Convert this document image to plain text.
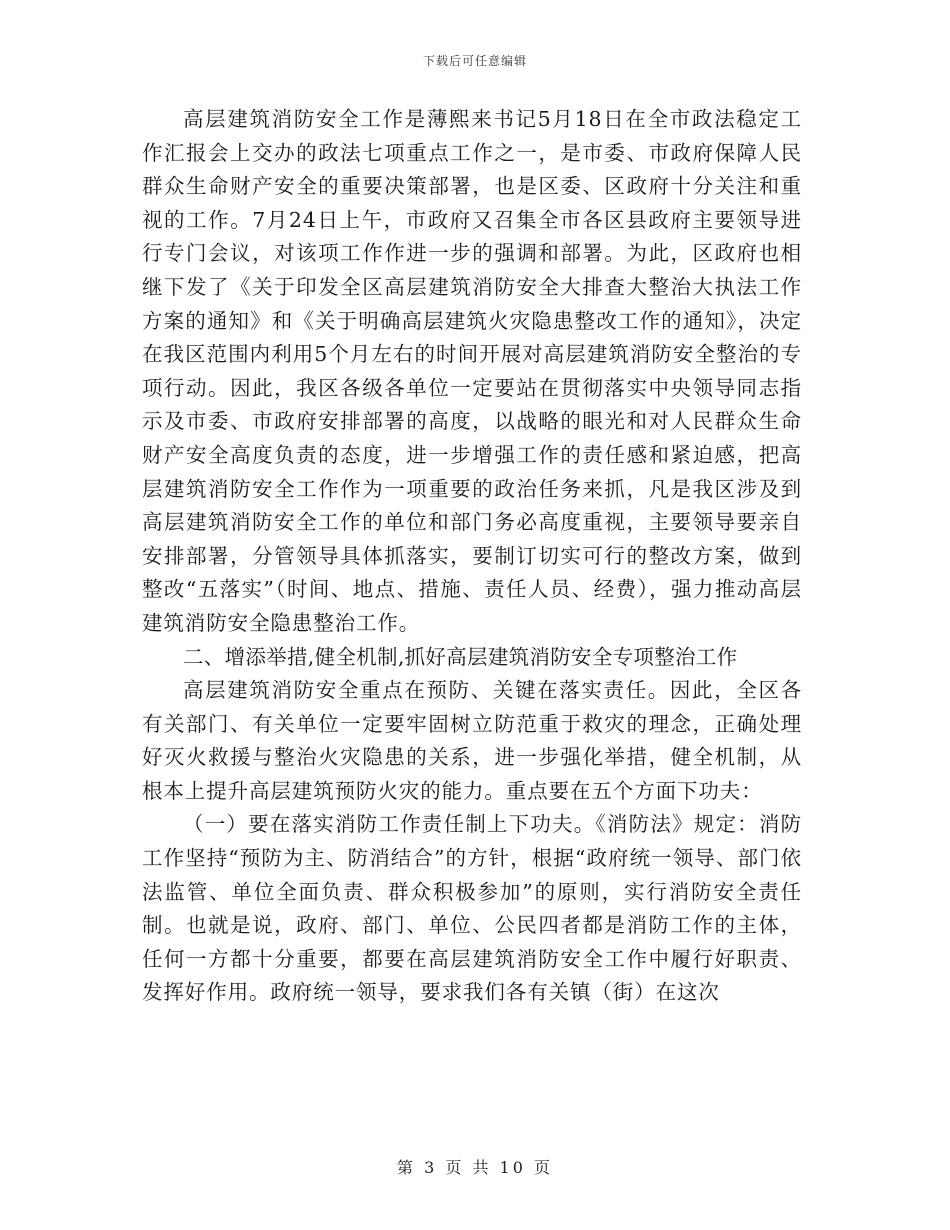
下载后可任意编辑

高层建筑消防安全工作是薄熙来书记5月18日在全市政法稳定工作汇报会上交办的政法七项重点工作之一，是市委、市政府保障人民群众生命财产安全的重要决策部署，也是区委、区政府十分关注和重视的工作。7月24日上午，市政府又召集全市各区县政府主要领导进行专门会议，对该项工作作进一步的强调和部署。为此，区政府也相继下发了《关于印发全区高层建筑消防安全大排查大整治大执法工作方案的通知》和《关于明确高层建筑火灾隐患整改工作的通知》，决定在我区范围内利用5个月左右的时间开展对高层建筑消防安全整治的专项行动。因此，我区各级各单位一定要站在贯彻落实中央领导同志指示及市委、市政府安排部署的高度，以战略的眼光和对人民群众生命财产安全高度负责的态度，进一步增强工作的责任感和紧迫感，把高层建筑消防安全工作作为一项重要的政治任务来抓，凡是我区涉及到高层建筑消防安全工作的单位和部门务必高度重视，主要领导要亲自安排部署，分管领导具体抓落实，要制订切实可行的整改方案，做到整改“五落实”（时间、地点、措施、责任人员、经费），强力推动高层建筑消防安全隐患整治工作。

二、增添举措,健全机制,抓好高层建筑消防安全专项整治工作

高层建筑消防安全重点在预防、关键在落实责任。因此，全区各有关部门、有关单位一定要牢固树立防范重于救灾的理念，正确处理好灭火救援与整治火灾隐患的关系，进一步强化举措，健全机制，从根本上提升高层建筑预防火灾的能力。重点要在五个方面下功夫：

（一）要在落实消防工作责任制上下功夫。《消防法》规定：消防工作坚持“预防为主、防消结合”的方针，根据“政府统一领导、部门依法监管、单位全面负责、群众积极参加”的原则，实行消防安全责任制。也就是说，政府、部门、单位、公民四者都是消防工作的主体，任何一方都十分重要，都要在高层建筑消防安全工作中履行好职责、发挥好作用。政府统一领导，要求我们各有关镇（街）在这次

第 3 页 共 10 页
